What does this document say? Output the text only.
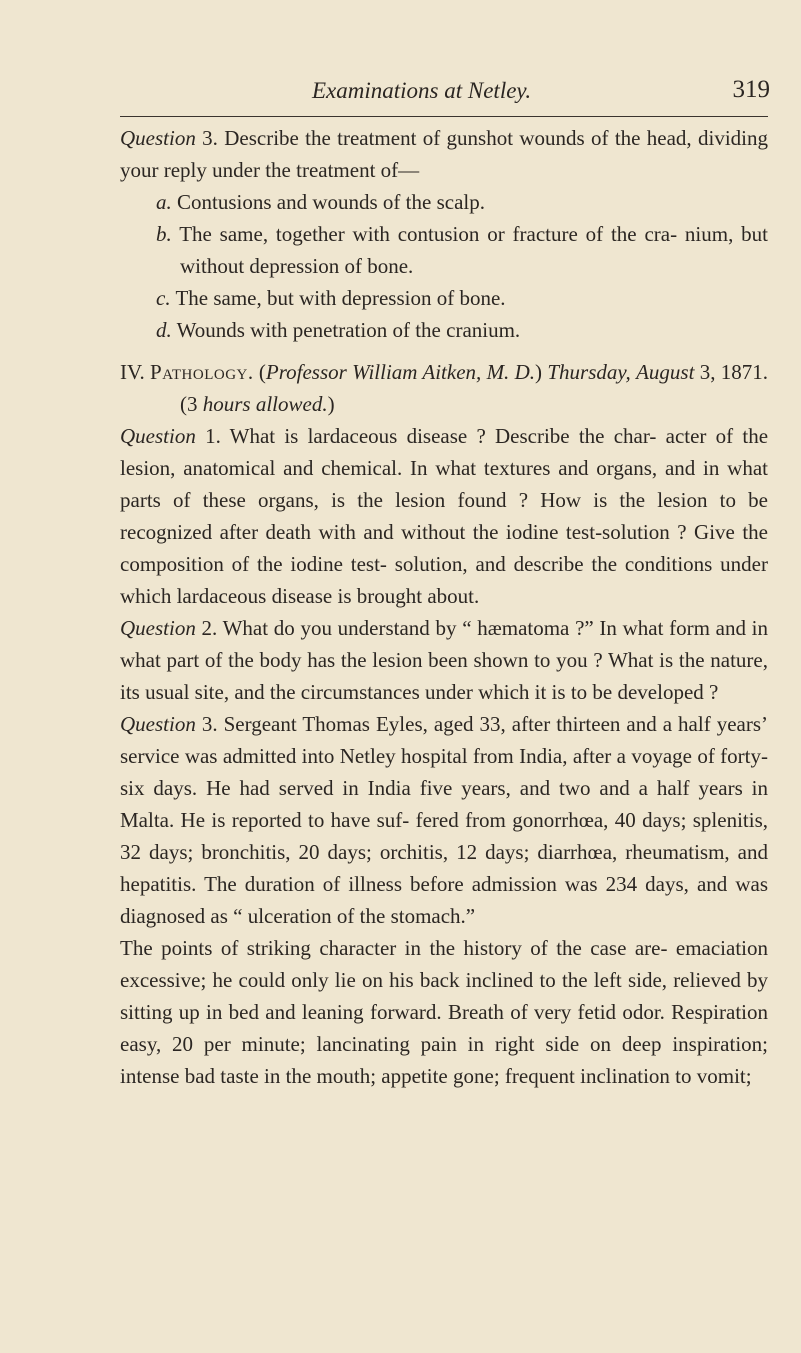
Examinations at Netley.	319

Question 3. Describe the treatment of gunshot wounds of the head, dividing your reply under the treatment of—

a. Contusions and wounds of the scalp.

b. The same, together with contusion or fracture of the cra- nium, but without depression of bone.

c. The same, but with depression of bone.

d. Wounds with penetration of the cranium.

IV. Pathology. (Professor William Aitken, M. D.) Thursday, August 3, 1871. (3 hours allowed.)

Question 1. What is lardaceous disease ? Describe the char- acter of the lesion, anatomical and chemical. In what textures and organs, and in what parts of these organs, is the lesion found ? How is the lesion to be recognized after death with and without the iodine test-solution ? Give the composition of the iodine test- solution, and describe the conditions under which lardaceous disease is brought about.

Question 2. What do you understand by “ hæmatoma ?” In what form and in what part of the body has the lesion been shown to you ? What is the nature, its usual site, and the circumstances under which it is to be developed ?

Question 3. Sergeant Thomas Eyles, aged 33, after thirteen and a half years’ service was admitted into Netley hospital from India, after a voyage of forty-six days. He had served in India five years, and two and a half years in Malta. He is reported to have suf- fered from gonorrhœa, 40 days; splenitis, 32 days; bronchitis, 20 days; orchitis, 12 days; diarrhœa, rheumatism, and hepatitis. The duration of illness before admission was 234 days, and was diagnosed as “ ulceration of the stomach.”

The points of striking character in the history of the case are- emaciation excessive; he could only lie on his back inclined to the left side, relieved by sitting up in bed and leaning forward. Breath of very fetid odor. Respiration easy, 20 per minute; lancinating pain in right side on deep inspiration; intense bad taste in the mouth; appetite gone; frequent inclination to vomit;
